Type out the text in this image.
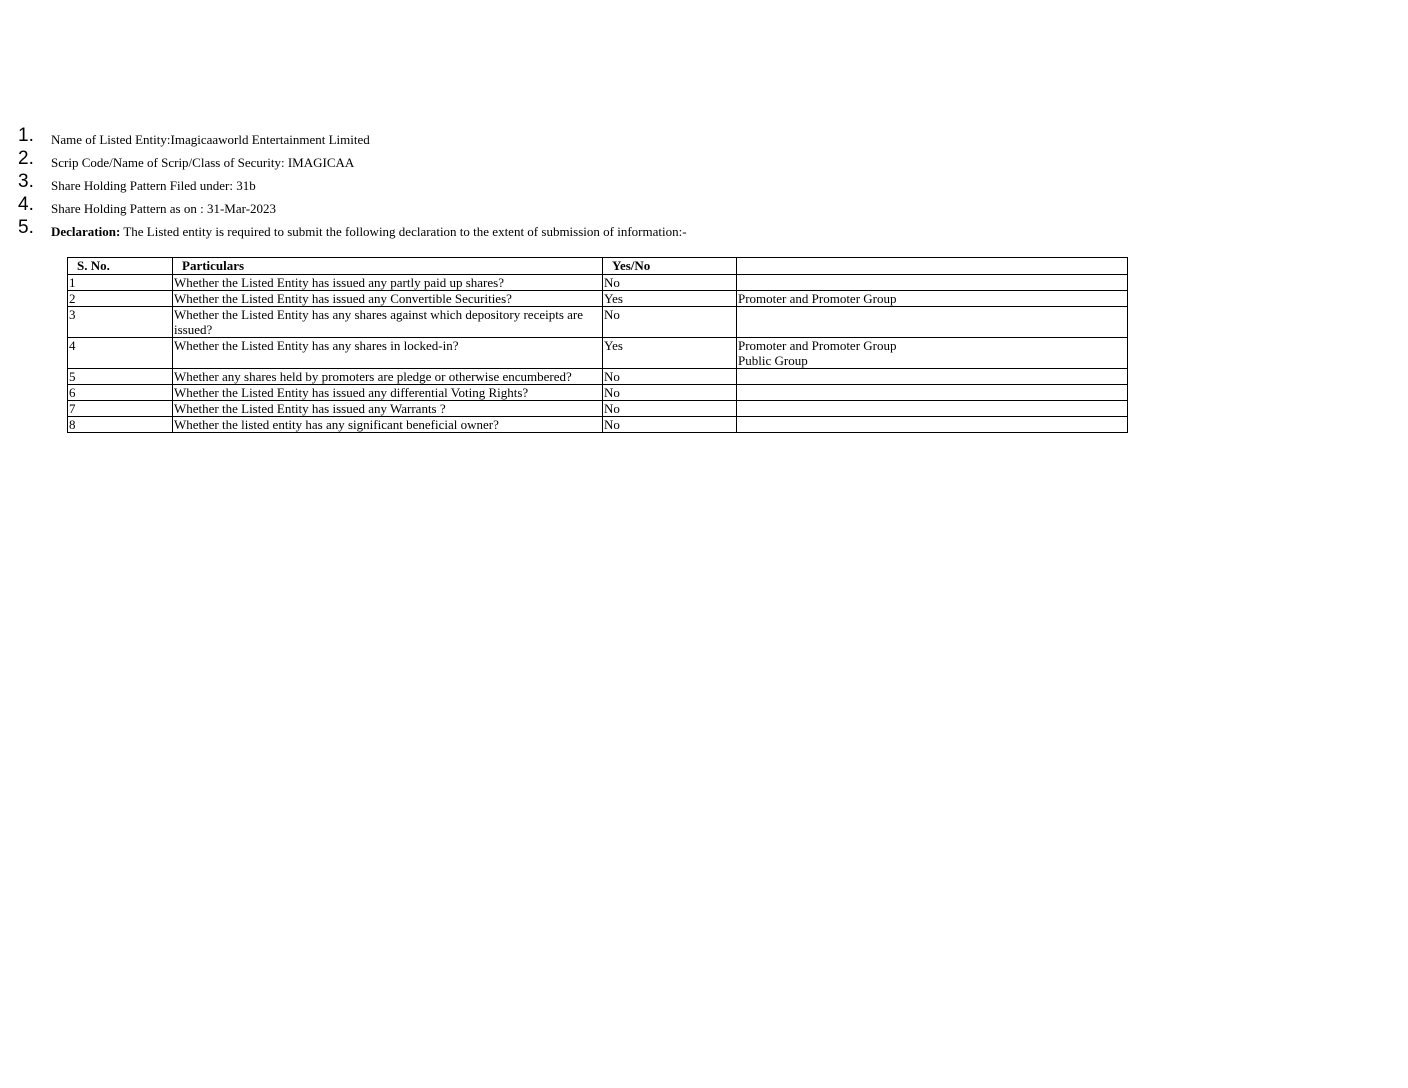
1. Name of Listed Entity:Imagicaaworld Entertainment Limited
2. Scrip Code/Name of Scrip/Class of Security: IMAGICAA
3. Share Holding Pattern Filed under: 31b
4. Share Holding Pattern as on : 31-Mar-2023
5. Declaration: The Listed entity is required to submit the following declaration to the extent of submission of information:-
S. No.	Particulars	Yes/No	
1	Whether the Listed Entity has issued any partly paid up shares?	No	
2	Whether the Listed Entity has issued any Convertible Securities?	Yes	Promoter and Promoter Group

3	Whether the Listed Entity has any shares against which depository receipts are issued?	No	
4	Whether the Listed Entity has any shares in locked-in?	Yes	Promoter and Promoter Group
Public Group

5	Whether any shares held by promoters are pledge or otherwise encumbered?	No	
6	Whether the Listed Entity has issued any differential Voting Rights?	No	
7	Whether the Listed Entity has issued any Warrants ?	No	
8	Whether the listed entity has any significant beneficial owner?	No	
